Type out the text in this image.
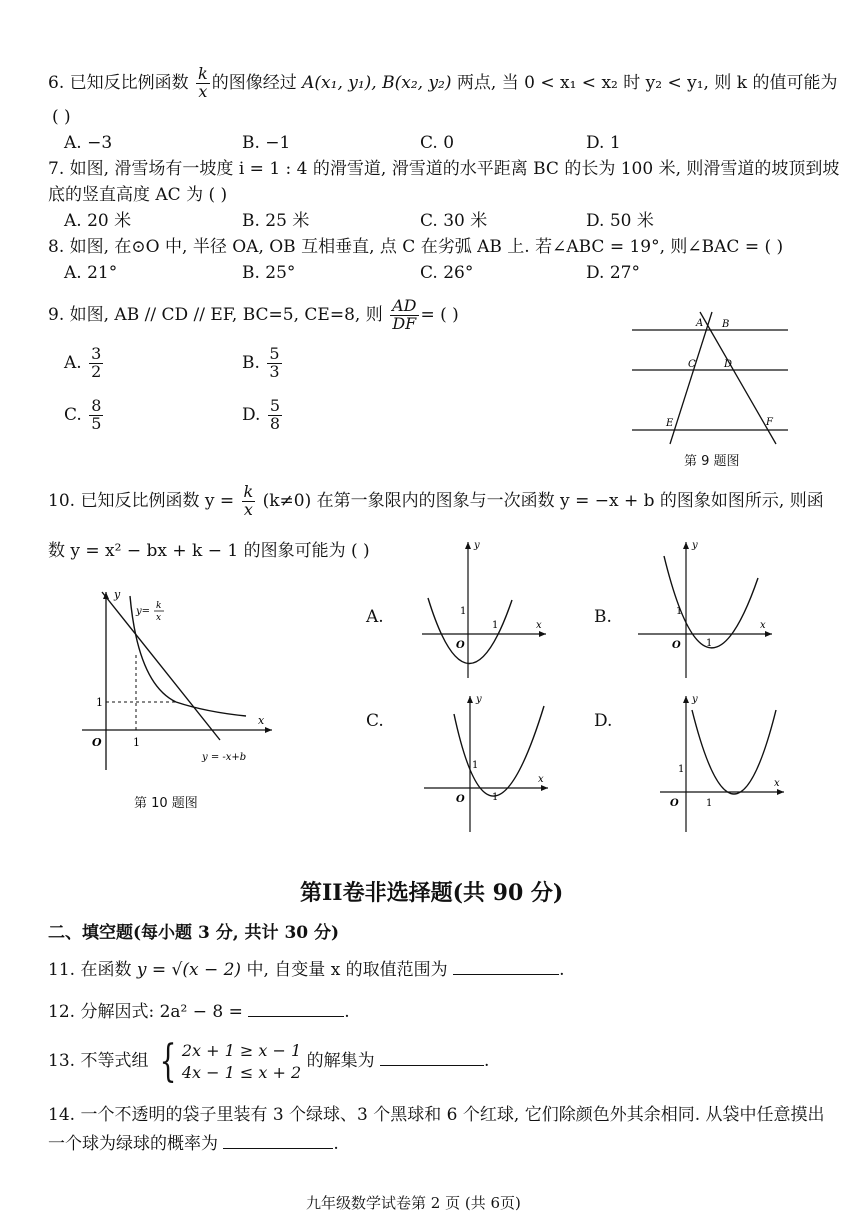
6. 已知反比例函数 $\frac{k}{x}$ 的图像经过 A(x₁, y₁), B(x₂, y₂) 两点, 当 0 < x₁ < x₂ 时 y₂ < y₁, 则 k 的值可能为
( )
A. −3	B. −1	C. 0	D. 1
7. 如图, 滑雪场有一坡度 i = 1 : 4 的滑雪道, 滑雪道的水平距离 BC 的长为 100 米, 则滑雪道的坡顶到坡
底的竖直高度 AC 为 ( )
A. 20 米	B. 25 米	C. 30 米	D. 50 米
8. 如图, 在⊙O 中, 半径 OA, OB 互相垂直, 点 C 在劣弧 AB 上. 若∠ABC = 19°, 则∠BAC = ( )
A. 21°	B. 25°	C. 26°	D. 27°
9. 如图, AB // CD // EF, BC=5, CE=8, 则 $\frac{AD}{DF}$ = ( )
A. $\frac{3}{2}$	B. $\frac{5}{3}$
C. $\frac{8}{5}$	D. $\frac{5}{8}$
A B
C	D
E	F
第 9 题图
10. 已知反比例函数 $y = \frac{k}{x} (k\ne 0)$ 在第一象限内的图象与一次函数 y = −x + b 的图象如图所示, 则函
数 y = x² − bx + k − 1 的图象可能为 ( )
y
x
O
1
1
y= k
x
y = -x+b
第 10 题图
A.	B.
C.	D.
y
x
O
1
1
y
x
O
1
1
y
x
O
1
1
y
x
O
1
1
第II卷非选择题(共 90 分)
二、填空题(每小题 3 分, 共计 30 分)
11. 在函数 y = √(x − 2) 中, 自变量 x 的取值范围为	.
12. 分解因式: 2a² − 8 =	.
13. 不等式组 { 2x + 1 ≥ x − 1
4x − 1 ≤ x + 2
的解集为	.
14. 一个不透明的袋子里装有 3 个绿球、3 个黑球和 6 个红球, 它们除颜色外其余相同. 从袋中任意摸出
一个球为绿球的概率为	.
九年级数学试卷第 2 页 (共 6页)
